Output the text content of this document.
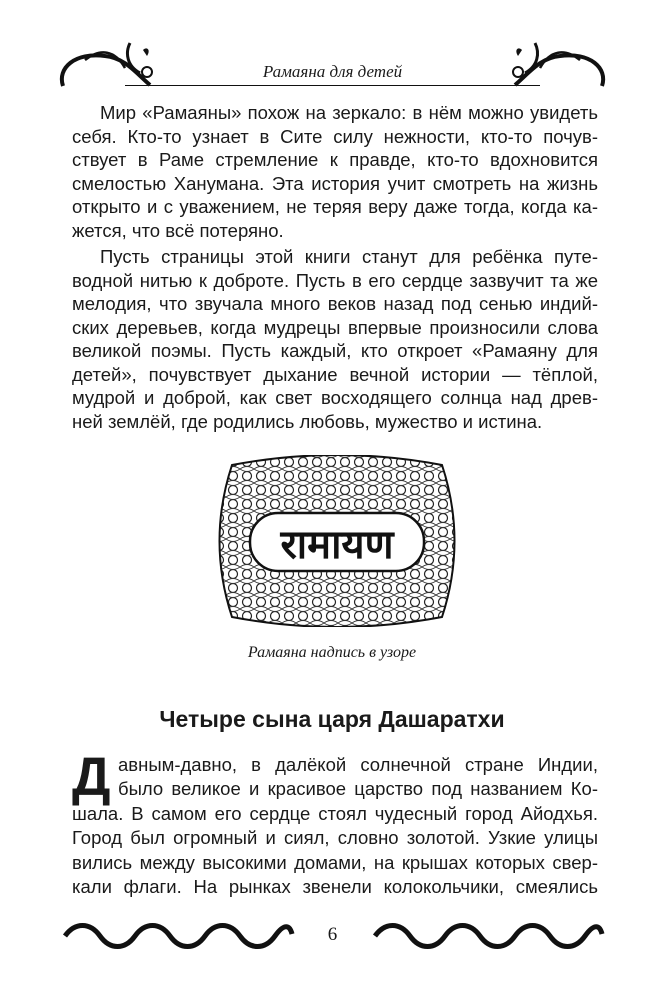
Рамаяна для детей
Мир «Рамаяны» похож на зеркало: в нём можно увидеть
себя. Кто-то узнает в Сите силу нежности, кто-то почув-
ствует в Раме стремление к правде, кто-то вдохновится
смелостью Ханумана. Эта история учит смотреть на жизнь
открыто и с уважением, не теряя веру даже тогда, когда ка-
жется, что всё потеряно.
Пусть страницы этой книги станут для ребёнка путе-
водной нитью к доброте. Пусть в его сердце зазвучит та же
мелодия, что звучала много веков назад под сенью индий-
ских деревьев, когда мудрецы впервые произносили слова
великой поэмы. Пусть каждый, кто откроет «Рамаяну для
детей», почувствует дыхание вечной истории — тёплой,
мудрой и доброй, как свет восходящего солнца над древ-
ней землёй, где родились любовь, мужество и истина.
रामायण
Рамаяна надпись в узоре
Четыре сына царя Дашаратхи
Д авным-давно, в далёкой солнечной стране Индии,
было великое и красивое царство под названием Ко-
шала. В самом его сердце стоял чудесный город Айодхья.
Город был огромный и сиял, словно золотой. Узкие улицы
вились между высокими домами, на крышах которых свер-
кали флаги. На рынках звенели колокольчики, смеялись
6
